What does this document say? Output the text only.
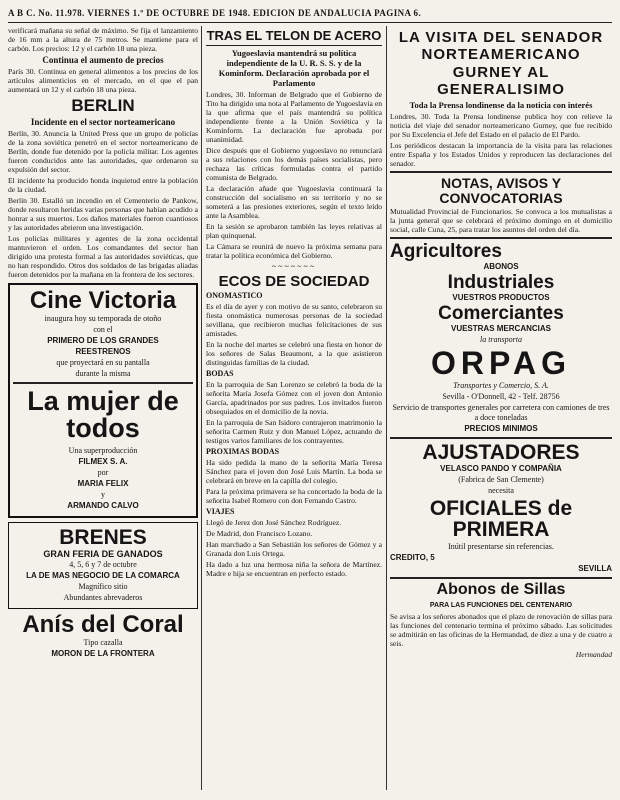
A B C. No. 11.978. VIERNES 1.º DE OCTUBRE DE 1948. EDICION DE ANDALUCIA PAGINA 6.

verificará mañana su señal de máximo. Se fija el lanzamiento de 16 mm a la altura de 75 metros. Se mantiene para el carbón. Los precios: 12 y el carbón 18 una pieza.

Continua el aumento de precios

París 30. Continua en general alimentos a los precios de los artículos alimenticios en el mercado, en el que el pan aumentará un 12 y el carbón 18 una pieza.

BERLIN
Incidente en el sector norteamericano

Berlín, 30. Anuncia la United Press que un grupo de policías de la zona soviética penetró en el sector norteamericano de Berlín, donde fue detenido por la policía militar. Los agentes fueron conducidos ante las autoridades, que ordenaron su expulsión del sector.

El incidente ha producido honda inquietud entre la población de la ciudad.

Berlín 30. Estalló un incendio en el Cementerio de Pankow, donde resultaron heridas varias personas que habían acudido a honrar a sus muertos. Los daños materiales fueron cuantiosos y las autoridades abrieron una investigación.

Los policías militares y agentes de la zona occidental mantuvieron el orden. Los comandantes del sector han dirigido una protesta formal a las autoridades soviéticas, que no han respondido. Otros dos soldados de las brigadas aliadas fueron detenidos por la mañana en la frontera de los sectores.

Cine Victoria
inaugura hoy su temporada de otoño
con el
PRIMERO DE LOS GRANDES
REESTRENOS
que proyectará en su pantalla
durante la misma
La mujer de todos
Una superproducción
FILMEX S. A.
por
MARIA FELIX
y
ARMANDO CALVO
BRENES
GRAN FERIA DE GANADOS
4, 5, 6 y 7 de octubre
LA DE MAS NEGOCIO DE LA COMARCA
Magnífico sitio
Abundantes abrevaderos
Anís del Coral
Tipo cazalla
MORON DE LA FRONTERA
TRAS EL TELON DE ACERO
Yugoeslavia mantendrá su política independiente de la U. R. S. S. y de la Kominform. Declaración aprobada por el Parlamento

Londres, 30. Informan de Belgrado que el Gobierno de Tito ha dirigido una nota al Parlamento de Yugoeslavia en la que afirma que el país mantendrá su política independiente frente a la Unión Soviética y la Kominform. La declaración fue aprobada por unanimidad.

Dice después que el Gobierno yugoeslavo no renunciará a sus relaciones con los demás países socialistas, pero rechaza las críticas formuladas contra el partido comunista de Belgrado.

La declaración añade que Yugoeslavia continuará la construcción del socialismo en su territorio y no se someterá a las presiones exteriores, según el texto leído ante la Asamblea.

En la sesión se aprobaron también las leyes relativas al plan quinquenal.

La Cámara se reunirá de nuevo la próxima semana para tratar la política económica del Gobierno.

~~~~~~~
ECOS DE SOCIEDAD
ONOMASTICO

Es el día de ayer y con motivo de su santo, celebraron su fiesta onomástica numerosas personas de la sociedad sevillana, que recibieron muchas felicitaciones de sus amistades.

En la noche del martes se celebró una fiesta en honor de los señores de Salas Beaumont, a la que asistieron distinguidas familias de la ciudad.

BODAS

En la parroquia de San Lorenzo se celebró la boda de la señorita María Josefa Gómez con el joven don Antonio García, apadrinados por sus padres. Los invitados fueron obsequiados en el domicilio de la novia.

En la parroquia de San Isidoro contrajeron matrimonio la señorita Carmen Ruiz y don Manuel López, actuando de testigos varios familiares de los contrayentes.

PROXIMAS BODAS

Ha sido pedida la mano de la señorita María Teresa Sánchez para el joven don José Luis Martín. La boda se celebrará en breve en la capilla del colegio.

Para la próxima primavera se ha concertado la boda de la señorita Isabel Romero con don Fernando Castro.

VIAJES

Llegó de Jerez don José Sánchez Rodríguez.

De Madrid, don Francisco Lozano.

Han marchado a San Sebastián los señores de Gómez y a Granada don Luis Ortega.

Ha dado a luz una hermosa niña la señora de Martínez. Madre e hija se encuentran en perfecto estado.

LA VISITA DEL SENADOR NORTEAMERICANO GURNEY AL GENERALISIMO
Toda la Prensa londinense da la noticia con interés

Londres, 30. Toda la Prensa londinense publica hoy con relieve la noticia del viaje del senador norteamericano Gurney, que fue recibido por Su Excelencia el Jefe del Estado en el palacio de El Pardo.

Los periódicos destacan la importancia de la visita para las relaciones entre España y los Estados Unidos y reproducen las declaraciones del senador.

NOTAS, AVISOS Y CONVOCATORIAS

Mutualidad Provincial de Funcionarios. Se convoca a los mutualistas a la junta general que se celebrará el próximo domingo en el domicilio social, calle Cuna, 25, para tratar los asuntos del orden del día.

Agricultores
ABONOS
Industriales
VUESTROS PRODUCTOS
Comerciantes
VUESTRAS MERCANCIAS
la transporta
ORPAG
Transportes y Comercio, S. A.
Sevilla - O'Donnell, 42 - Telf. 28756
Servicio de transportes generales por carretera con camiones de tres a doce toneladas
PRECIOS MINIMOS
AJUSTADORES
VELASCO PANDO Y COMPAÑIA
(Fabrica de San Clemente)
necesita
OFICIALES de PRIMERA
Inútil presentarse sin referencias.
CREDITO, 5
SEVILLA
Abonos de Sillas
PARA LAS FUNCIONES DEL CENTENARIO

Se avisa a los señores abonados que el plazo de renovación de sillas para las funciones del centenario termina el próximo sábado. Las solicitudes se admitirán en las oficinas de la Hermandad, de diez a una y de cuatro a seis.

Hermandad
